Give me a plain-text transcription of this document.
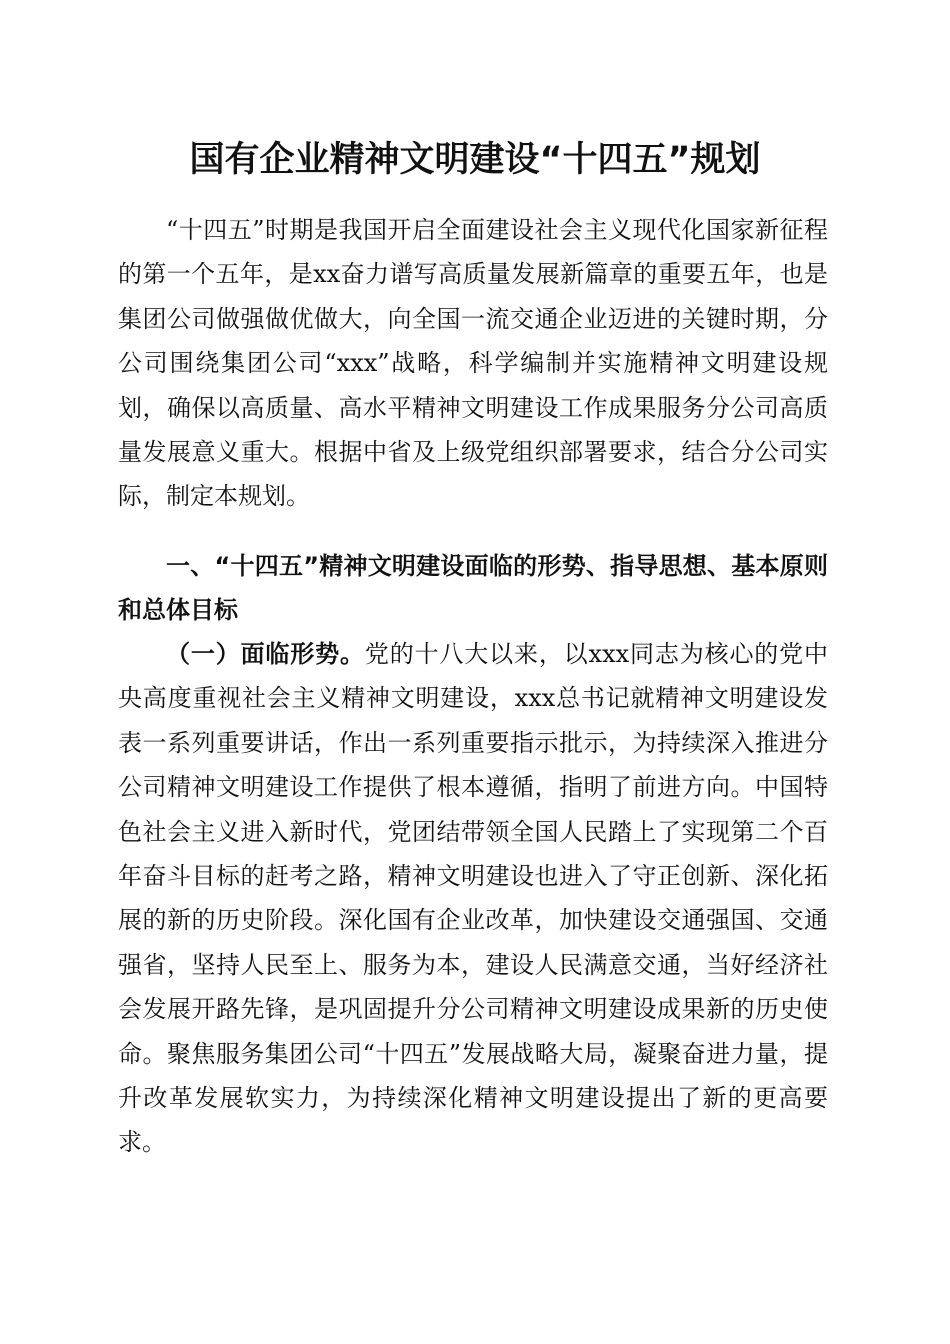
国有企业精神文明建设“十四五”规划

“十四五”时期是我国开启全面建设社会主义现代化国家新征程的第一个五年，是xx奋力谱写高质量发展新篇章的重要五年，也是集团公司做强做优做大，向全国一流交通企业迈进的关键时期，分公司围绕集团公司“xxx”战略，科学编制并实施精神文明建设规划，确保以高质量、高水平精神文明建设工作成果服务分公司高质量发展意义重大。根据中省及上级党组织部署要求，结合分公司实际，制定本规划。

一、“十四五”精神文明建设面临的形势、指导思想、基本原则和总体目标

（一）面临形势。党的十八大以来，以xxx同志为核心的党中央高度重视社会主义精神文明建设，xxx总书记就精神文明建设发表一系列重要讲话，作出一系列重要指示批示，为持续深入推进分公司精神文明建设工作提供了根本遵循，指明了前进方向。中国特色社会主义进入新时代，党团结带领全国人民踏上了实现第二个百年奋斗目标的赶考之路，精神文明建设也进入了守正创新、深化拓展的新的历史阶段。深化国有企业改革，加快建设交通强国、交通强省，坚持人民至上、服务为本，建设人民满意交通，当好经济社会发展开路先锋，是巩固提升分公司精神文明建设成果新的历史使命。聚焦服务集团公司“十四五”发展战略大局，凝聚奋进力量，提升改革发展软实力，为持续深化精神文明建设提出了新的更高要求。
